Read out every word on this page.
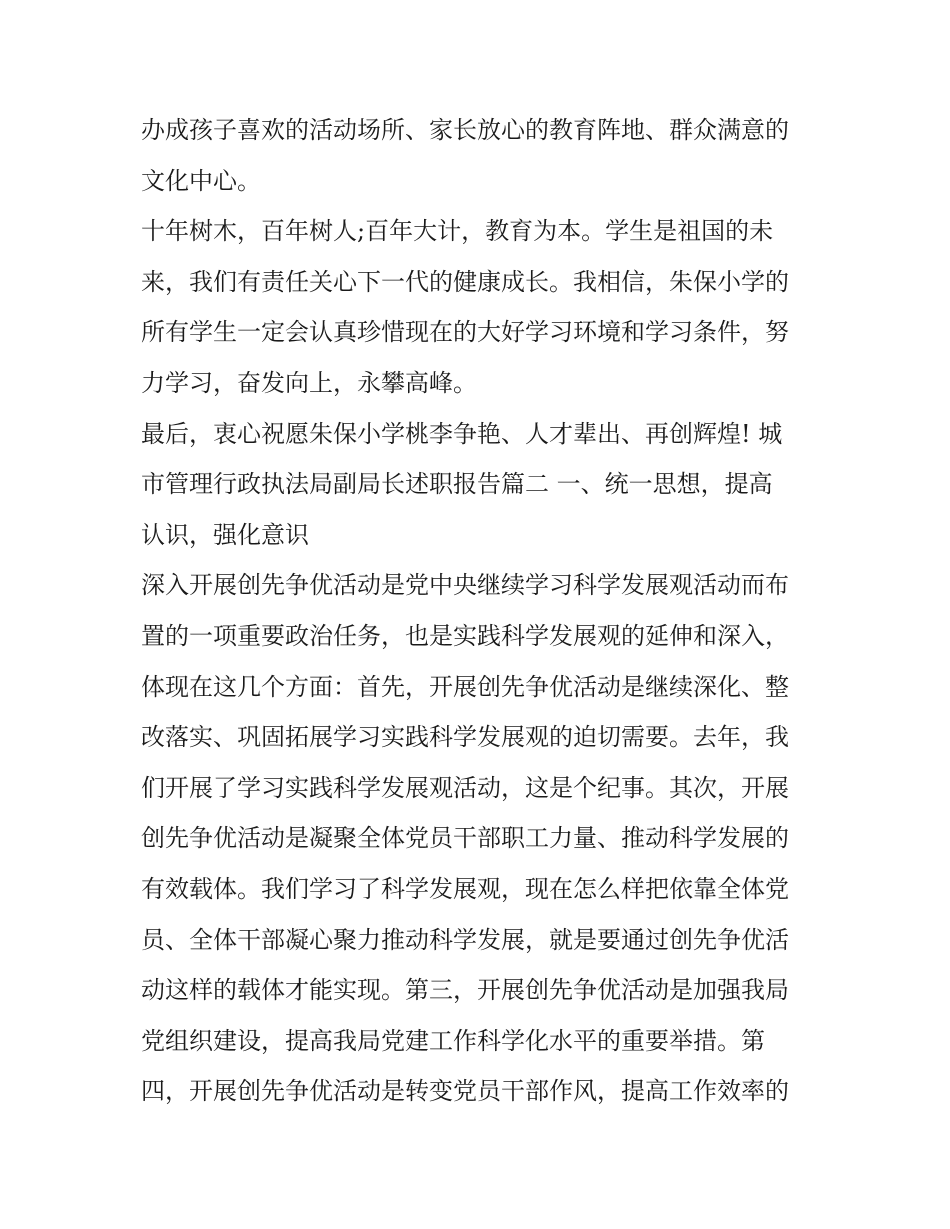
办成孩子喜欢的活动场所、家长放心的教育阵地、群众满意的
文化中心。
十年树木，百年树人;百年大计，教育为本。学生是祖国的未
来，我们有责任关心下一代的健康成长。我相信，朱保小学的
所有学生一定会认真珍惜现在的大好学习环境和学习条件，努
力学习，奋发向上，永攀高峰。
最后，衷心祝愿朱保小学桃李争艳、人才辈出、再创辉煌! 城
市管理行政执法局副局长述职报告篇二 一、统一思想，提高
认识，强化意识
深入开展创先争优活动是党中央继续学习科学发展观活动而布
置的一项重要政治任务，也是实践科学发展观的延伸和深入，
体现在这几个方面：首先，开展创先争优活动是继续深化、整
改落实、巩固拓展学习实践科学发展观的迫切需要。去年，我
们开展了学习实践科学发展观活动，这是个纪事。其次，开展
创先争优活动是凝聚全体党员干部职工力量、推动科学发展的
有效载体。我们学习了科学发展观，现在怎么样把依靠全体党
员、全体干部凝心聚力推动科学发展，就是要通过创先争优活
动这样的载体才能实现。第三，开展创先争优活动是加强我局
党组织建设，提高我局党建工作科学化水平的重要举措。第
四，开展创先争优活动是转变党员干部作风，提高工作效率的
